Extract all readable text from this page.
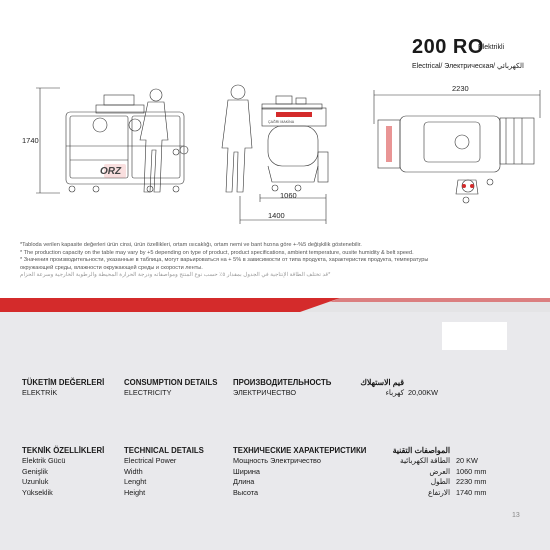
1740
1060
1400
2230
ORZ
ÇAĞRI MAKİNA
200 RO
Elektrikli
Electrical/ Электрическая/ الكهربائي
*Tabloda verilen kapasite değerleri ürün cinsi, ürün özellikleri, ortam ısıcaklığı, ortam nemi ve bant hızına göre +-%5 değişkilik göstenebilir.
* The production capacity on the table may vary by +5 depending on type of product, product specifications, ambient temperature, ousite humidity & belt speed.
* Значения производительности, указанные в таблица, могут варьироваться на + 5% в зависимости от типа продукта, характеристик продукта, температуры
окружающей среды, влажности окружающей среды и скорости ленты.
*قد تختلف الطاقة الإنتاجية في الجدول بمقدار ٥٪ حسب نوع المنتج ومواصفاته ودرجة الحرارة المحيطة والرطوبة الخارجية وسرعة الحزام
TÜKETİM DEĞERLERİ
ELEKTRİK
CONSUMPTION DETAILS
ELECTRICITY
ПРОИЗВОДИТЕЛЬНОСТЬ
ЭЛЕКТРИЧЕСТВО
قيم الاستهلاك
كهرباء 20,00KW
TEKNİK ÖZELLİKLERİ
Elektrik Gücü
Genişlik
Uzunluk
Yükseklik
TECHNICAL DETAILS
Electrical Power
Width
Lenght
Height
ТЕХНИЧЕСКИЕ ХАРАКТЕРИСТИКИ
Мощность Электричество
Ширина
Длина
Высота
المواصفات التقنية
الطاقة الكهربائية
العرض
الطول
الارتفاع
20 KW
1060 mm
2230 mm
1740 mm
13
